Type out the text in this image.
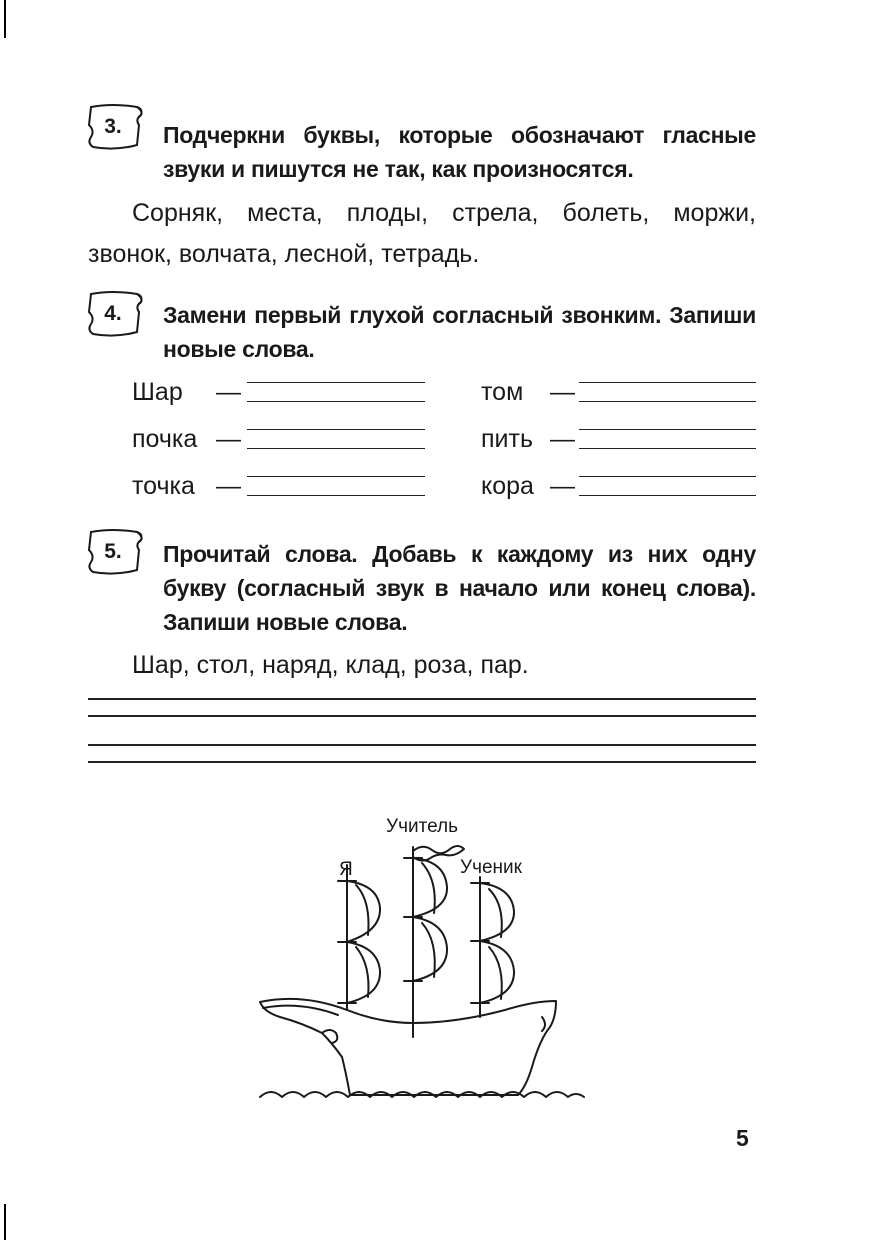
3.	Подчеркни буквы, которые обозначают гласные звуки и пишутся не так, как произносятся.
Сорняк, места, плоды, стрела, болеть, моржи, звонок, волчата, лесной, тетрадь.
4.	Замени первый глухой согласный звонким. Запиши новые слова.
Шар —	том —
почка —	пить —
точка —	кора —
5.	Прочитай слова. Добавь к каждому из них одну букву (согласный звук в начало или конец слова). Запиши новые слова.
Шар, стол, наряд, клад, роза, пар.
Учитель
Я	Ученик
5
